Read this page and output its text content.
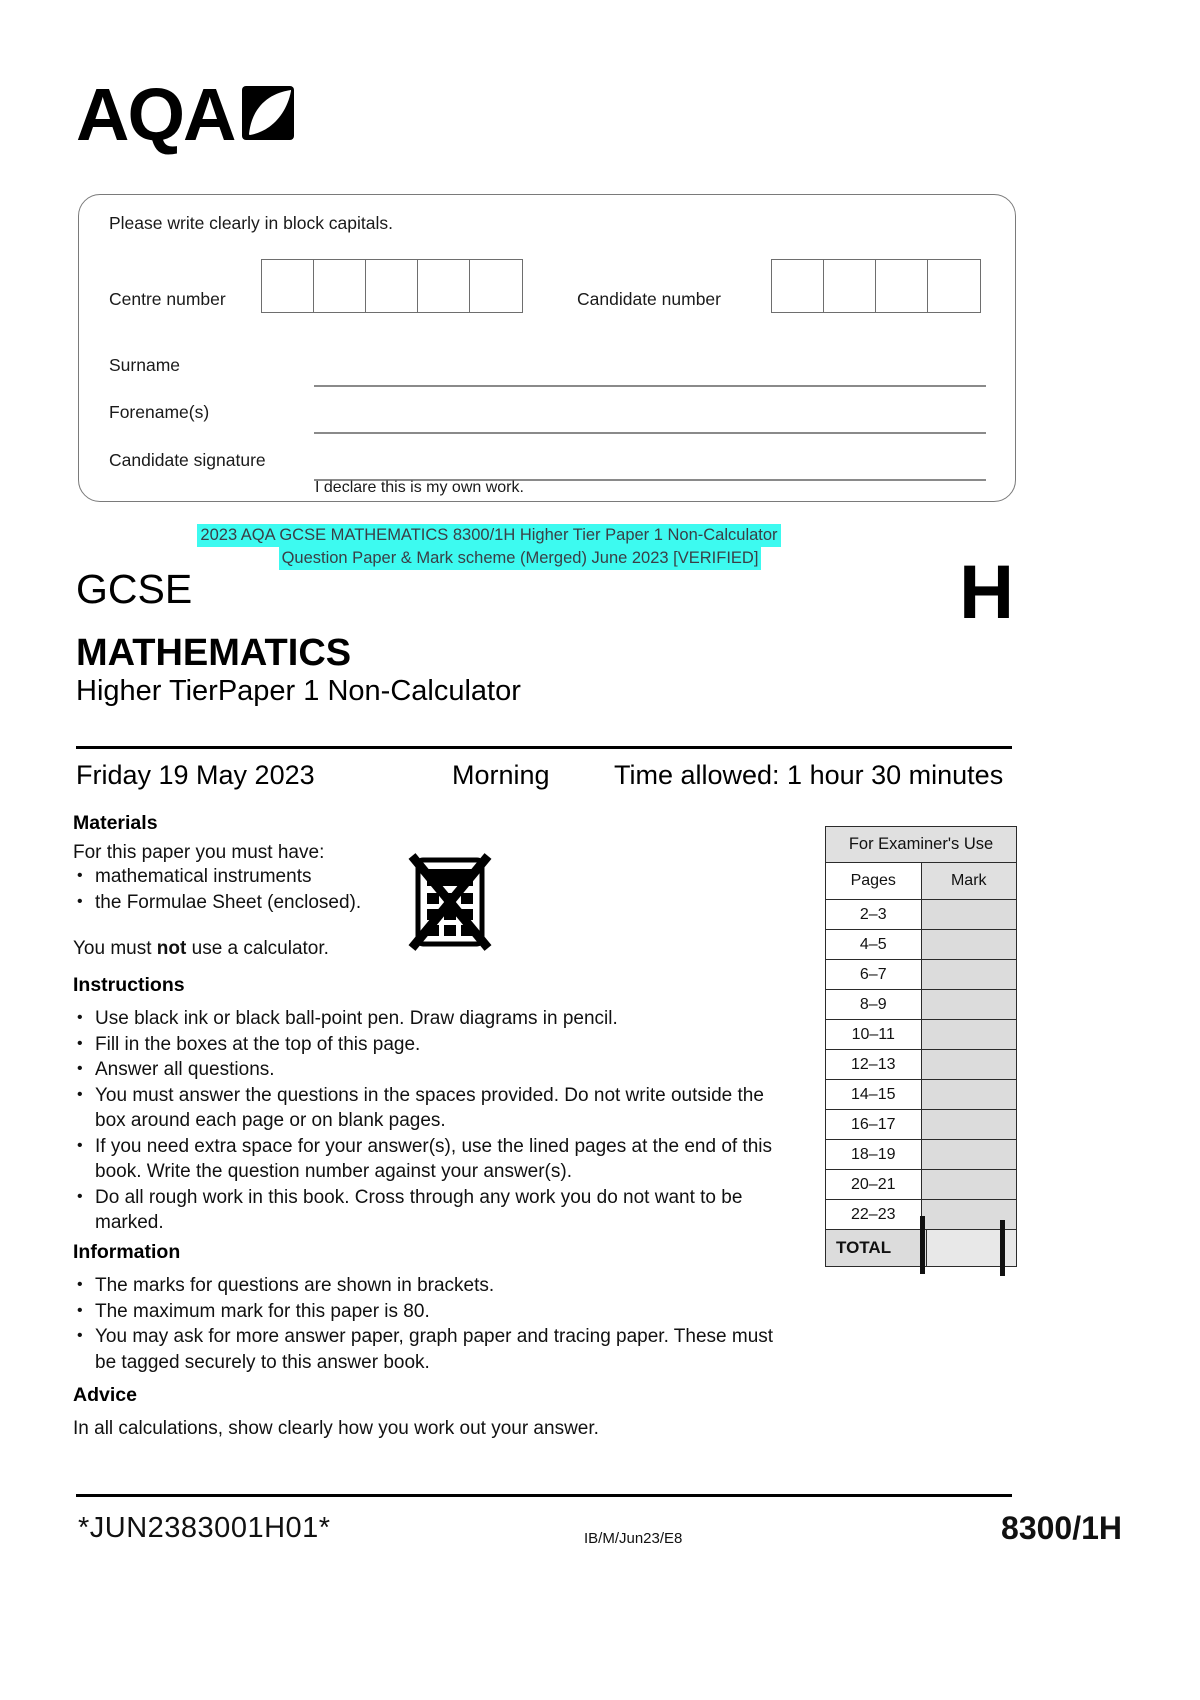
AQA
Please write clearly in block capitals.
Centre number	Candidate number
Surname
Forename(s)
Candidate signature
I declare this is my own work.
2023 AQA GCSE MATHEMATICS 8300/1H Higher Tier Paper 1 Non-Calculator
Question Paper & Mark scheme (Merged) June 2023 [VERIFIED]
GCSE	H
MATHEMATICS
Higher TierPaper 1 Non-Calculator
Friday 19 May 2023	Morning Time allowed: 1 hour 30 minutes
Materials
For this paper you must have:
• mathematical instruments
• the Formulae Sheet (enclosed).
You must not use a calculator.
Instructions
• Use black ink or black ball-point pen. Draw diagrams in pencil.
• Fill in the boxes at the top of this page.
• Answer all questions.
• You must answer the questions in the spaces provided. Do not write outside the box around each page or on blank pages.
• If you need extra space for your answer(s), use the lined pages at the end of this book. Write the question number against your answer(s).
• Do all rough work in this book. Cross through any work you do not want to be marked.
Information
• The marks for questions are shown in brackets.
• The maximum mark for this paper is 80.
• You may ask for more answer paper, graph paper and tracing paper. These must be tagged securely to this answer book.
Advice
In all calculations, show clearly how you work out your answer.
For Examiner's Use
Pages	Mark
2–3
4–5
6–7
8–9
10–11
12–13
14–15
16–17
18–19
20–21
22–23
TOTAL
*JUN2383001H01*	IB/M/Jun23/E8	8300/1H
